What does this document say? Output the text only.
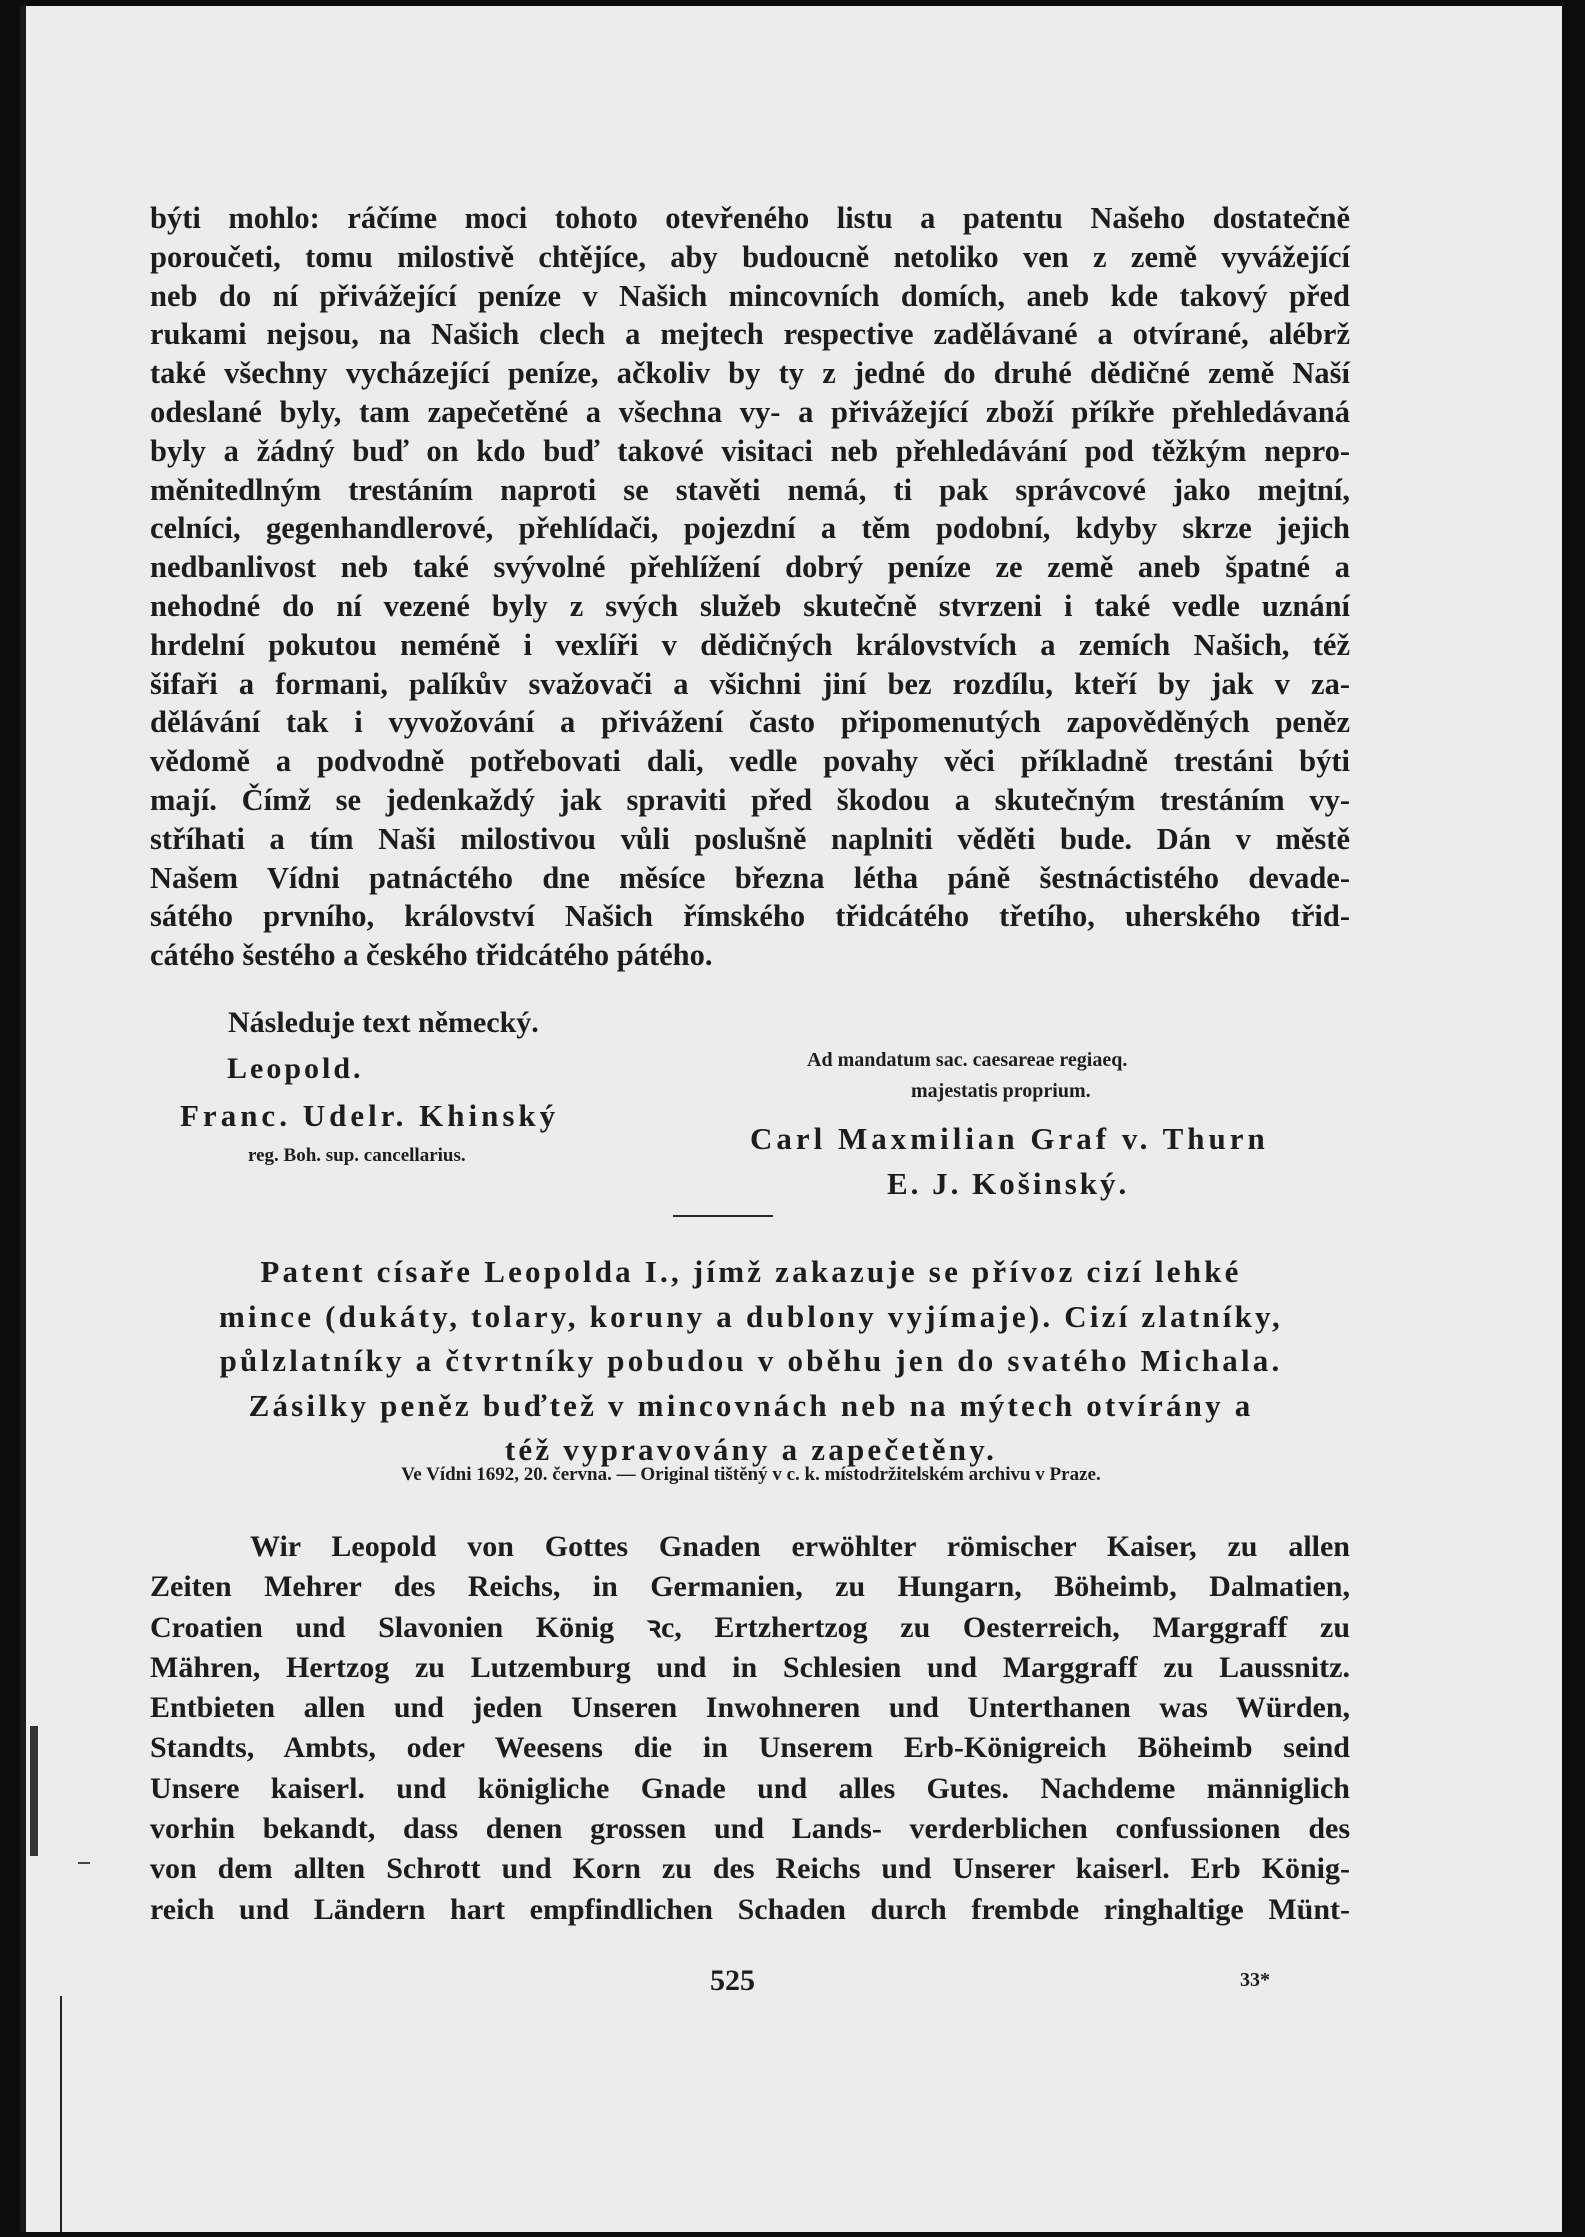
býti mohlo: ráčíme moci tohoto otevřeného listu a patentu Našeho dostatečně
poroučeti, tomu milostivě chtějíce, aby budoucně netoliko ven z země vyvážející
neb do ní přivážející peníze v Našich mincovních domích, aneb kde takový před
rukami nejsou, na Našich clech a mejtech respective zadělávané a otvírané, alébrž
také všechny vycházející peníze, ačkoliv by ty z jedné do druhé dědičné země Naší
odeslané byly, tam zapečetěné a všechna vy- a přivážející zboží příkře přehledávaná
byly a žádný buď on kdo buď takové visitaci neb přehledávání pod těžkým nepro-
měnitedlným trestáním naproti se stavěti nemá, ti pak správcové jako mejtní,
celníci, gegenhandlerové, přehlídači, pojezdní a těm podobní, kdyby skrze jejich
nedbanlivost neb také svývolné přehlížení dobrý peníze ze země aneb špatné a
nehodné do ní vezené byly z svých služeb skutečně stvrzeni i také vedle uznání
hrdelní pokutou neméně i vexlíři v dědičných královstvích a zemích Našich, též
šifaři a formani, palíkův svažovači a všichni jiní bez rozdílu, kteří by jak v za-
dělávání tak i vyvožování a přivážení často připomenutých zapověděných peněz
vědomě a podvodně potřebovati dali, vedle povahy věci příkladně trestáni býti
mají. Čímž se jedenkaždý jak spraviti před škodou a skutečným trestáním vy-
stříhati a tím Naši milostivou vůli poslušně naplniti věděti bude. Dán v městě
Našem Vídni patnáctého dne měsíce března létha páně šestnáctistého devade-
sátého prvního, království Našich římského třidcátého třetího, uherského třid-
cátého šestého a českého třidcátého pátého.
Následuje text německý.
Leopold.
Franc. Udelr. Khinský
reg. Boh. sup. cancellarius.
Ad mandatum sac. caesareae regiaeq.
majestatis proprium.
Carl Maxmilian Graf v. Thurn
E. J. Košinský.
Patent císaře Leopolda I., jímž zakazuje se přívoz cizí lehké
mince (dukáty, tolary, koruny a dublony vyjímaje). Cizí zlatníky,
půlzlatníky a čtvrtníky pobudou v oběhu jen do svatého Michala.
Zásilky peněz buďtež v mincovnách neb na mýtech otvírány a
též vypravovány a zapečetěny.
Ve Vídni 1692, 20. června. — Original tištěný v c. k. místodržitelském archivu v Praze.
Wir Leopold von Gottes Gnaden erwöhlter römischer Kaiser, zu allen
Zeiten Mehrer des Reichs, in Germanien, zu Hungarn, Böheimb, Dalmatien,
Croatien und Slavonien König ꝛc, Ertzhertzog zu Oesterreich, Marggraff zu
Mähren, Hertzog zu Lutzemburg und in Schlesien und Marggraff zu Laussnitz.
Entbieten allen und jeden Unseren Inwohneren und Unterthanen was Würden,
Standts, Ambts, oder Weesens die in Unserem Erb-Königreich Böheimb seind
Unsere kaiserl. und königliche Gnade und alles Gutes. Nachdeme männiglich
vorhin bekandt, dass denen grossen und Lands- verderblichen confussionen des
von dem allten Schrott und Korn zu des Reichs und Unserer kaiserl. Erb König-
reich und Ländern hart empfindlichen Schaden durch frembde ringhaltige Münt-
525	33*
